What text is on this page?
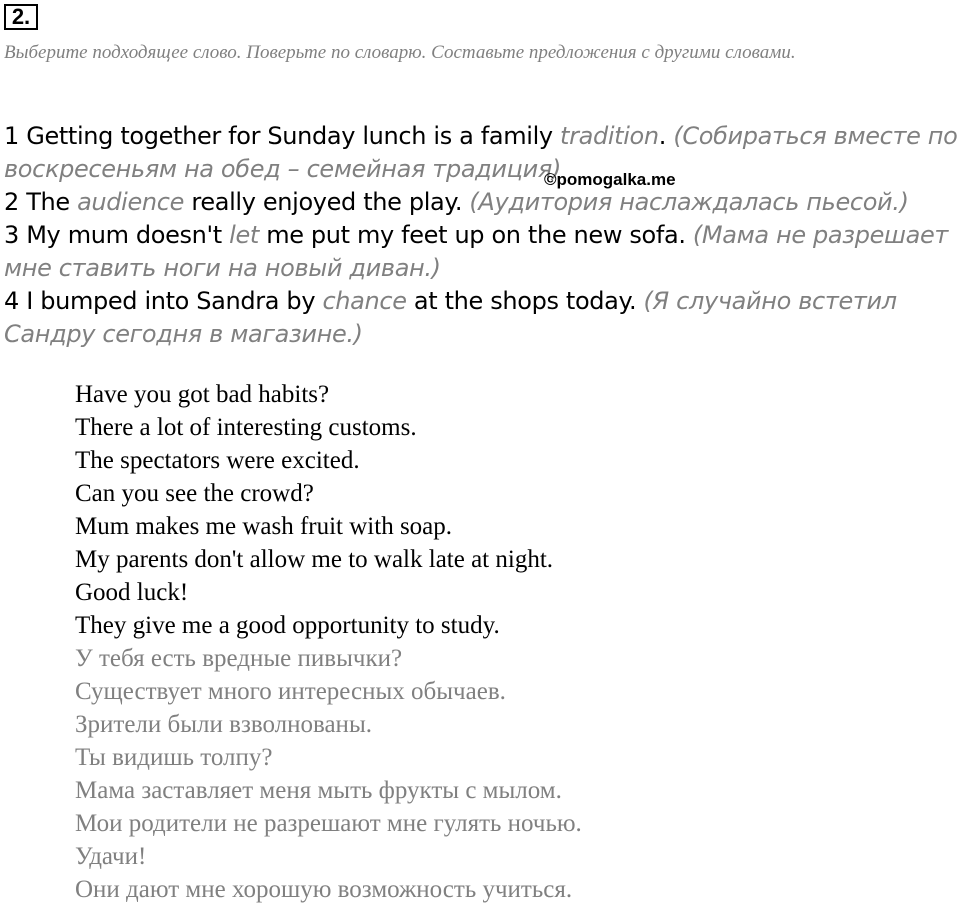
2.
Выберите подходящее слово. Поверьте по словарю. Составьте предложения с другими словами.

1 Getting together for Sunday lunch is a family tradition. (Собираться вместе по воскресеньям на обед – семейная традиция)

2 The audience really enjoyed the play. (Аудитория наслаждалась пьесой.)

3 My mum doesn't let me put my feet up on the new sofa. (Мама не разрешает мне ставить ноги на новый диван.)

4 I bumped into Sandra by chance at the shops today. (Я случайно встетил Сандру сегодня в магазине.)

©pomogalka.me
Have you got bad habits?
There a lot of interesting customs.
The spectators were excited.
Can you see the crowd?
Mum makes me wash fruit with soap.
My parents don't allow me to walk late at night.
Good luck!
They give me a good opportunity to study.
У тебя есть вредные пивычки?
Существует много интересных обычаев.
Зрители были взволнованы.
Ты видишь толпу?
Мама заставляет меня мыть фрукты с мылом.
Мои родители не разрешают мне гулять ночью.
Удачи!
Они дают мне хорошую возможность учиться.
